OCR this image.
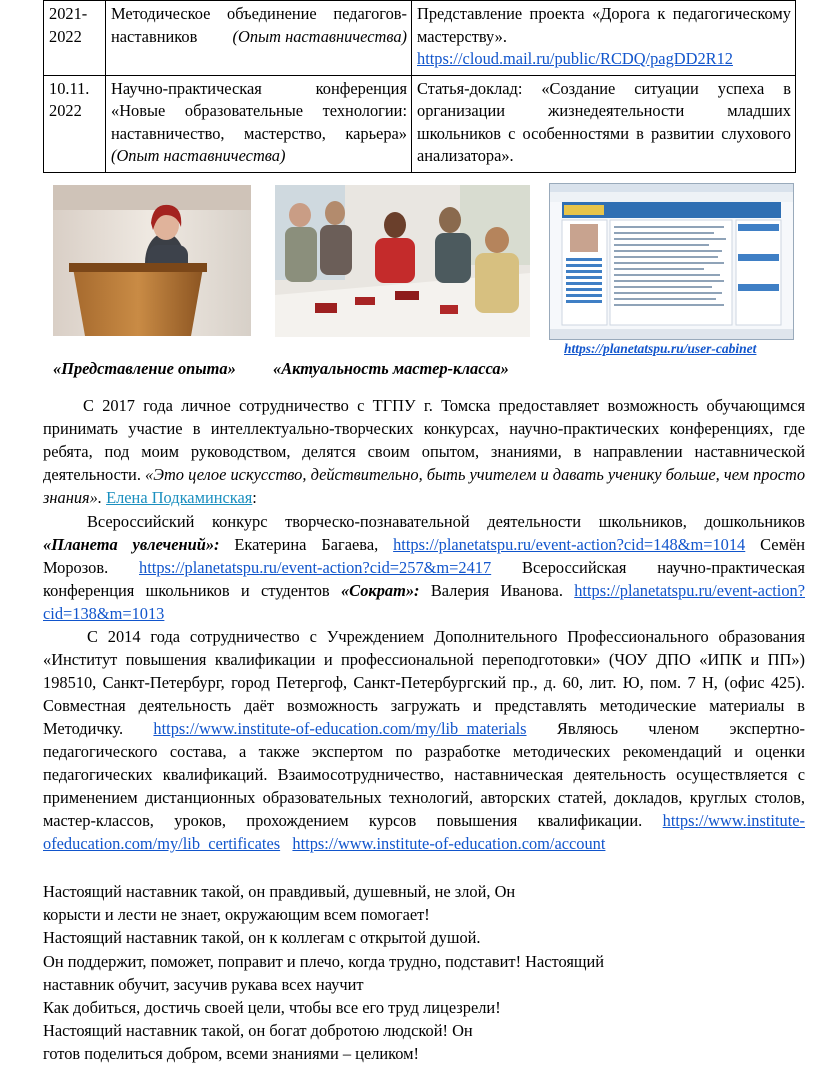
2021-2022	Методическое объединение педагогов-наставников (Опыт наставничества)	Представление проекта «Дорога к педагогическому мастерству».
https://cloud.mail.ru/public/RCDQ/pagDD2R12
10.11. 2022	Научно-практическая конференция «Новые образовательные технологии: наставничество, мастерство, карьера» (Опыт наставничества)	Статья-доклад: «Создание ситуации успеха в организации жизнедеятельности младших школьников с особенностями в развитии слухового анализатора».
https://planetatspu.ru/user-cabinet
«Представление опыта» «Актуальность мастер-класса»
С 2017 года личное сотрудничество с ТГПУ г. Томска предоставляет возможность обучающимся принимать участие в интеллектуально-творческих конкурсах, научно-практических конференциях, где ребята, под моим руководством, делятся своим опытом, знаниями, в направлении наставнической деятельности. «Это целое искусство, действительно, быть учителем и давать ученику больше, чем просто знания». Елена Подкаминская:
Всероссийский конкурс творческо-познавательной деятельности школьников, дошкольников «Планета увлечений»: Екатерина Багаева, https://planetatspu.ru/event-action?cid=148&m=1014 Семён Морозов. https://planetatspu.ru/event-action?cid=257&m=2417 Всероссийская научно-практическая конференция школьников и студентов «Сократ»: Валерия Иванова. https://planetatspu.ru/event-action?cid=138&m=1013
С 2014 года сотрудничество с Учреждением Дополнительного Профессионального образования «Институт повышения квалификации и профессиональной переподготовки» (ЧОУ ДПО «ИПК и ПП») 198510, Санкт-Петербург, город Петергоф, Санкт-Петербургский пр., д. 60, лит. Ю, пом. 7 Н, (офис 425). Совместная деятельность даёт возможность загружать и представлять методические материалы в Методичку. https://www.institute-of-education.com/my/lib_materials Являюсь членом экспертно-педагогического состава, а также экспертом по разработке методических рекомендаций и оценки педагогических квалификаций. Взаимосотрудничество, наставническая деятельность осуществляется с применением дистанционных образовательных технологий, авторских статей, докладов, круглых столов, мастер-классов, уроков, прохождением курсов повышения квалификации. https://www.institute-ofeducation.com/my/lib_certificates https://www.institute-of-education.com/account
Настоящий наставник такой, он правдивый, душевный, не злой, Он
корысти и лести не знает, окружающим всем помогает!
Настоящий наставник такой, он к коллегам с открытой душой.
Он поддержит, поможет, поправит и плечо, когда трудно, подставит! Настоящий
наставник обучит, засучив рукава всех научит
Как добиться, достичь своей цели, чтобы все его труд лицезрели!
Настоящий наставник такой, он богат добротою людской! Он
готов поделиться добром, всеми знаниями – целиком!
